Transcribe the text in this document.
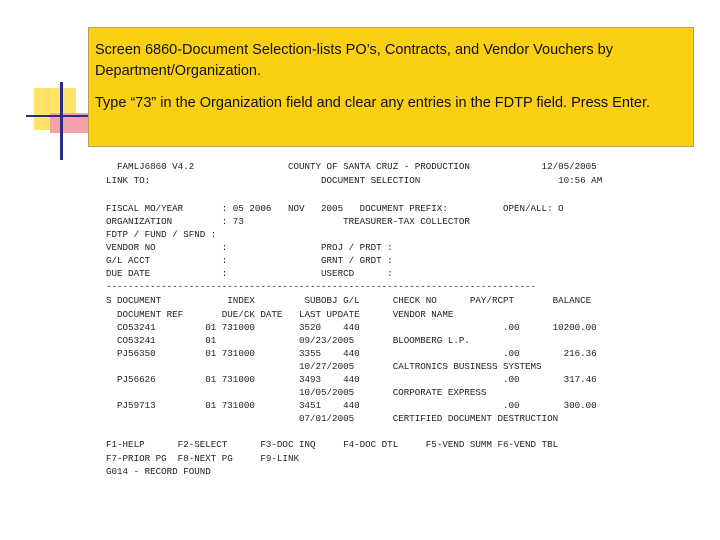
Screen 6860-Document Selection-lists PO’s, Contracts, and Vendor Vouchers by Department/Organization.

Type “73” in the Organization field and clear any entries in the FDTP field. Press Enter.

FAMLJ6860 V4.2                 COUNTY OF SANTA CRUZ - PRODUCTION             12/05/2005
LINK TO:                               DOCUMENT SELECTION                         10:56 AM
FISCAL MO/YEAR       : 05 2006   NOV   2005   DOCUMENT PREFIX:          OPEN/ALL: O
ORGANIZATION         : 73                  TREASURER-TAX COLLECTOR
FDTP / FUND / SFND :
VENDOR NO            :                 PROJ / PRDT :
G/L ACCT             :                 GRNT / GRDT :
DUE DATE             :                 USERCD      :
------------------------------------------------------------------------------
S DOCUMENT            INDEX         SUBOBJ G/L      CHECK NO      PAY/RCPT       BALANCE
DOCUMENT REF       DUE/CK DATE   LAST UPDATE      VENDOR NAME
CO53241         01 731000        3520    440                          .00      10200.00
CO53241         01               09/23/2005       BLOOMBERG L.P.
PJ56350         01 731000        3355    440                          .00        216.36
10/27/2005       CALTRONICS BUSINESS SYSTEMS
PJ56626         01 731000        3493    440                          .00        317.46
10/05/2005       CORPORATE EXPRESS
PJ59713         01 731000        3451    440                          .00        300.00
07/01/2005       CERTIFIED DOCUMENT DESTRUCTION
F1-HELP      F2-SELECT      F3-DOC INQ     F4-DOC DTL     F5-VEND SUMM F6-VEND TBL
F7-PRIOR PG  F8-NEXT PG     F9-LINK
G014 - RECORD FOUND
